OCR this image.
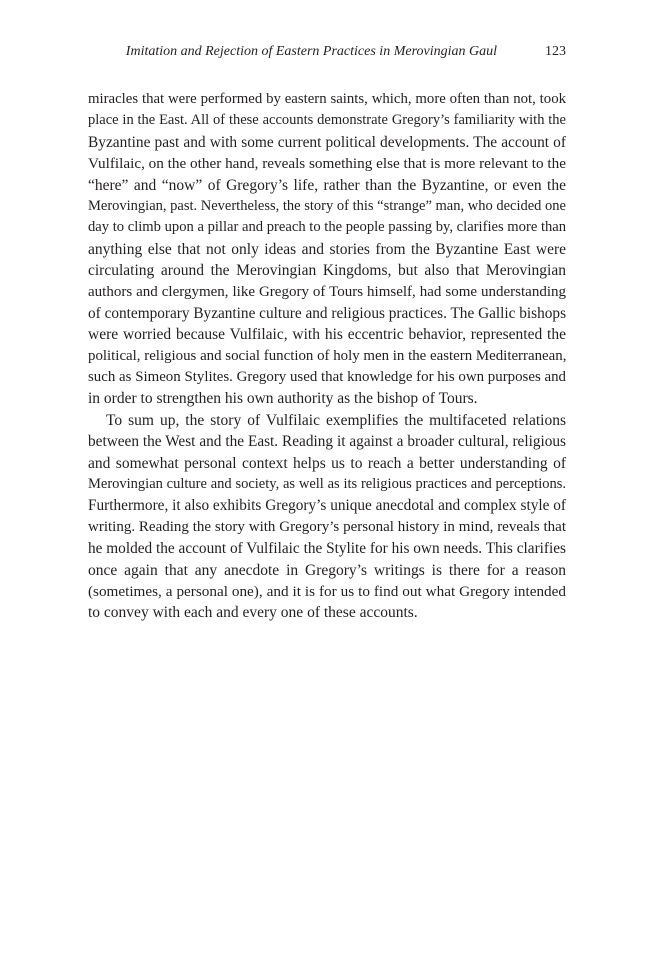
Imitation and Rejection of Eastern Practices in Merovingian Gaul	123

miracles that were performed by eastern saints, which, more often than not, took
place in the East. All of these accounts demonstrate Gregory’s familiarity with the
Byzantine past and with some current political developments. The account of
Vulfilaic, on the other hand, reveals something else that is more relevant to the
“here” and “now” of Gregory’s life, rather than the Byzantine, or even the
Merovingian, past. Nevertheless, the story of this “strange” man, who decided one
day to climb upon a pillar and preach to the people passing by, clarifies more than
anything else that not only ideas and stories from the Byzantine East were
circulating around the Merovingian Kingdoms, but also that Merovingian
authors and clergymen, like Gregory of Tours himself, had some understanding
of contemporary Byzantine culture and religious practices. The Gallic bishops
were worried because Vulfilaic, with his eccentric behavior, represented the
political, religious and social function of holy men in the eastern Mediterranean,
such as Simeon Stylites. Gregory used that knowledge for his own purposes and
in order to strengthen his own authority as the bishop of Tours.

To sum up, the story of Vulfilaic exemplifies the multifaceted relations
between the West and the East. Reading it against a broader cultural, religious
and somewhat personal context helps us to reach a better understanding of
Merovingian culture and society, as well as its religious practices and perceptions.
Furthermore, it also exhibits Gregory’s unique anecdotal and complex style of
writing. Reading the story with Gregory’s personal history in mind, reveals that
he molded the account of Vulfilaic the Stylite for his own needs. This clarifies
once again that any anecdote in Gregory’s writings is there for a reason
(sometimes, a personal one), and it is for us to find out what Gregory intended
to convey with each and every one of these accounts.
